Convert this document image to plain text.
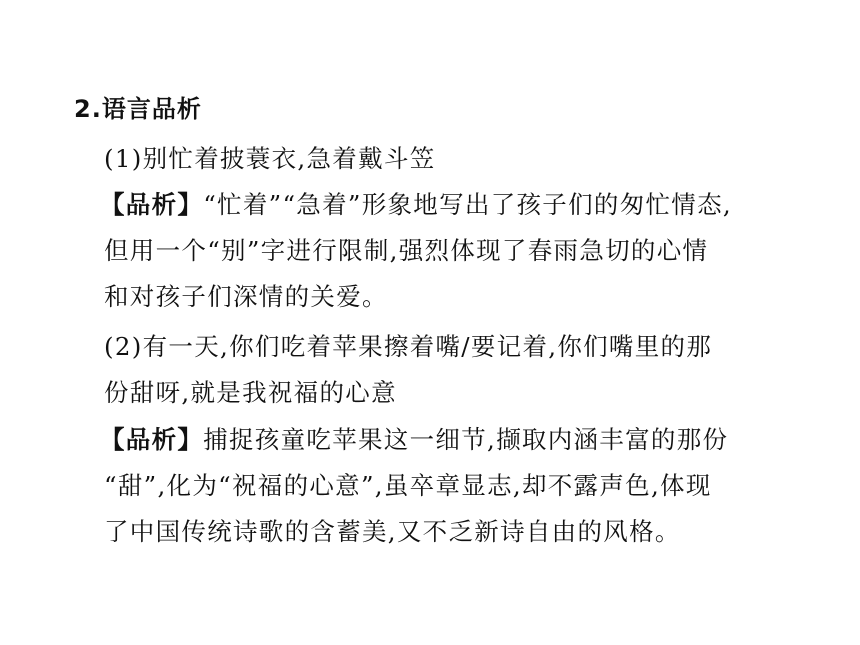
2.语言品析
(1)别忙着披蓑衣,急着戴斗笠
【品析】“忙着”“急着”形象地写出了孩子们的匆忙情态,
但用一个“别”字进行限制,强烈体现了春雨急切的心情
和对孩子们深情的关爱。
(2)有一天,你们吃着苹果擦着嘴/要记着,你们嘴里的那
份甜呀,就是我祝福的心意
【品析】捕捉孩童吃苹果这一细节,撷取内涵丰富的那份
“甜”,化为“祝福的心意”,虽卒章显志,却不露声色,体现
了中国传统诗歌的含蓄美,又不乏新诗自由的风格。
